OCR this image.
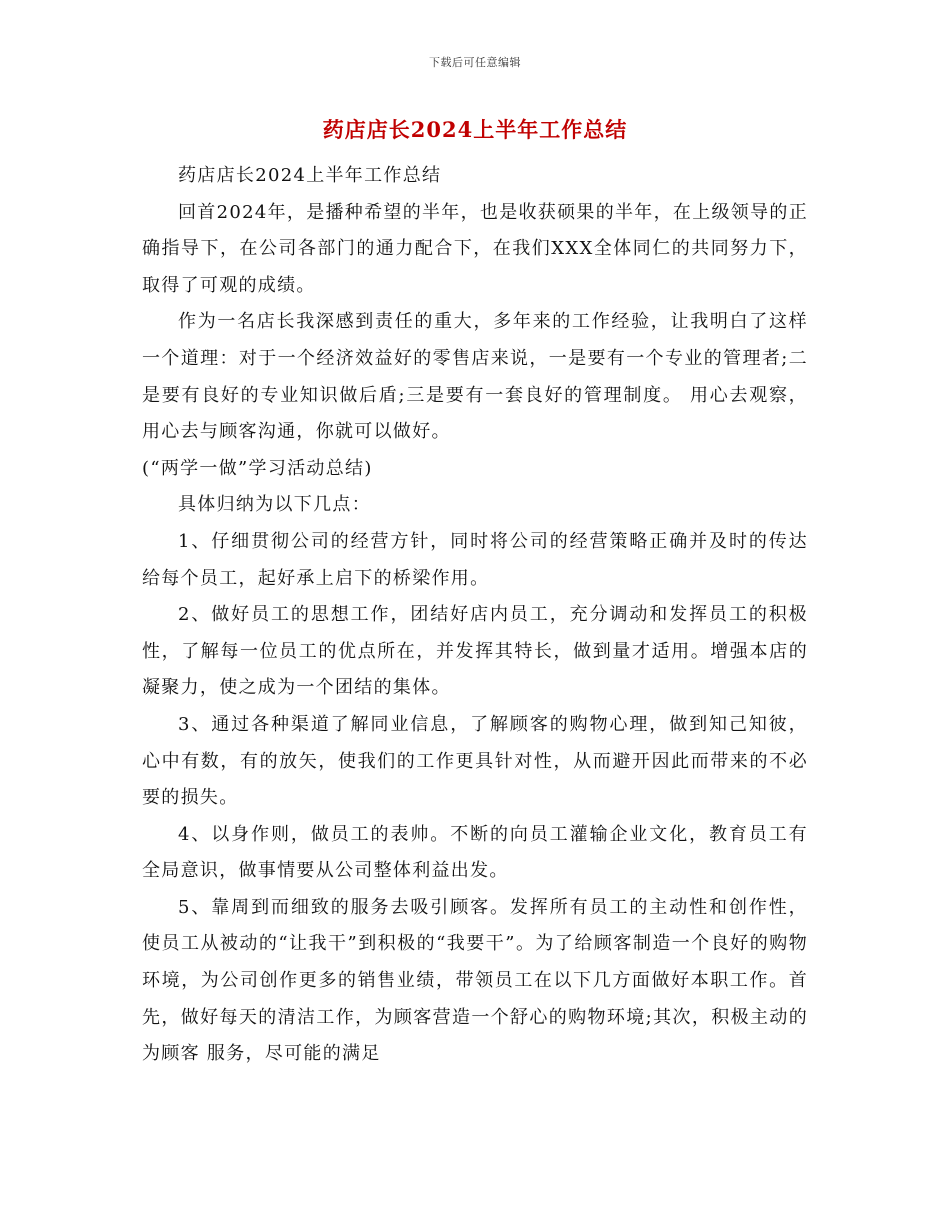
下载后可任意编辑
药店店长2024上半年工作总结

药店店长2024上半年工作总结

回首2024年，是播种希望的半年，也是收获硕果的半年，在上级领导的正确指导下，在公司各部门的通力配合下，在我们XXX全体同仁的共同努力下，取得了可观的成绩。

作为一名店长我深感到责任的重大，多年来的工作经验，让我明白了这样一个道理：对于一个经济效益好的零售店来说，一是要有一个专业的管理者;二是要有良好的专业知识做后盾;三是要有一套良好的管理制度。 用心去观察，用心去与顾客沟通，你就可以做好。

(“两学一做”学习活动总结)

具体归纳为以下几点：

1、仔细贯彻公司的经营方针，同时将公司的经营策略正确并及时的传达给每个员工，起好承上启下的桥梁作用。

2、做好员工的思想工作，团结好店内员工，充分调动和发挥员工的积极性，了解每一位员工的优点所在，并发挥其特长，做到量才适用。增强本店的凝聚力，使之成为一个团结的集体。

3、通过各种渠道了解同业信息，了解顾客的购物心理，做到知己知彼，心中有数，有的放矢，使我们的工作更具针对性，从而避开因此而带来的不必要的损失。

4、以身作则，做员工的表帅。不断的向员工灌输企业文化，教育员工有全局意识，做事情要从公司整体利益出发。

5、靠周到而细致的服务去吸引顾客。发挥所有员工的主动性和创作性，使员工从被动的“让我干”到积极的“我要干”。为了给顾客制造一个良好的购物 环境，为公司创作更多的销售业绩，带领员工在以下几方面做好本职工作。首先，做好每天的清洁工作，为顾客营造一个舒心的购物环境;其次，积极主动的为顾客 服务，尽可能的满足
